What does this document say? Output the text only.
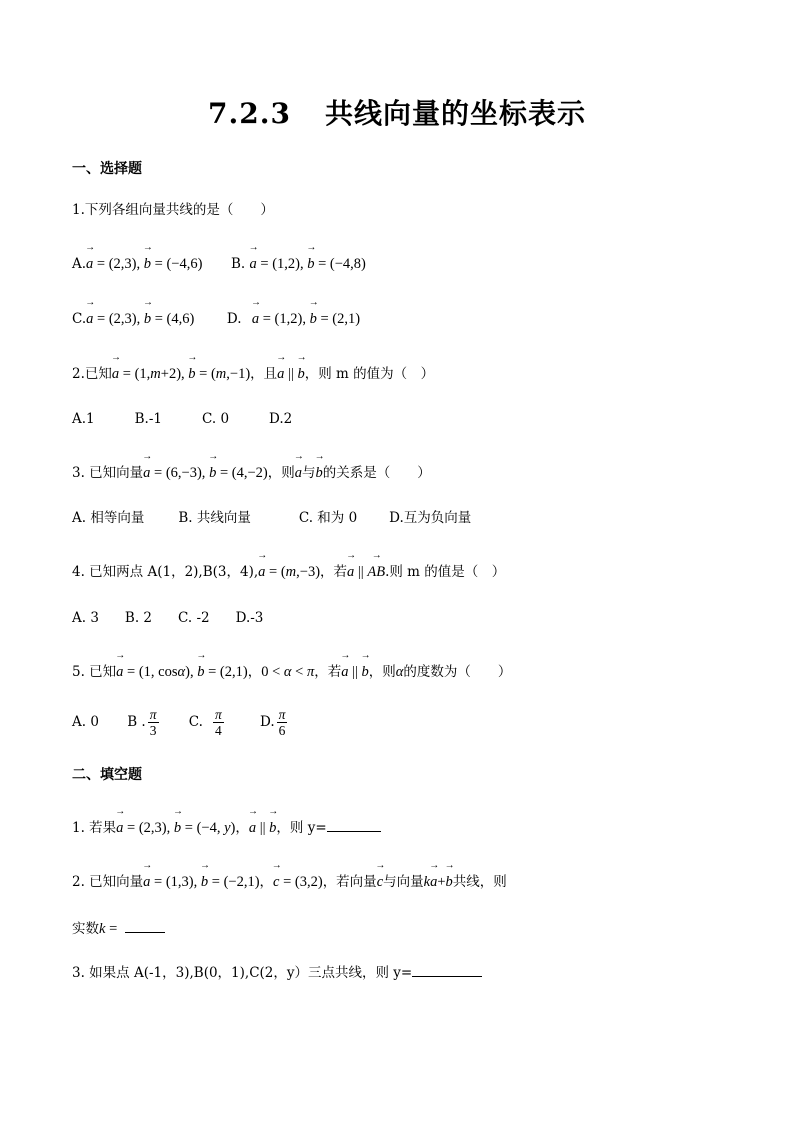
7.2.3 共线向量的坐标表示
一、选择题
1.下列各组向量共线的是（　　）
A.→ a = (2,3), → b = (−4,6) B. → a = (1,2), → b = (−4,8)
C.→ a = (2,3), → b = (4,6) D. → a = (1,2), → b = (2,1)
2.已知→ a = (1,m+2), → b = (m,−1)，且→ a || → b，则 m 的值为（　）
A.1	B.-1	C. 0	D.2
3. 已知向量→ a = (6,−3), → b = (4,−2)，则→ a与→ b的关系是（　　）
A. 相等向量	B. 共线向量	C. 和为 0 D.互为负向量
4. 已知两点 A(1，2),B(3，4),→ a = (m,−3)，若→ a || → AB.则 m 的值是（　）
A. 3 B. 2 C. -2 D.-3
5. 已知→ a = (1, cosα), → b = (2,1)，0 < α < π，若→ a || → b，则α的度数为（　　）
A. 0 B . $\frac{\pi}{3} C$. $\frac{\pi}{4}$	D. $\frac{\pi}{6}$
二、填空题
1. 若果→ a = (2,3), → b = (−4, y)，→ a || → b，则 y=
2. 已知向量→ a = (1,3), → b = (−2,1)，→ c = (3,2)，若向量→ c与向量k→ a+→ b共线，则
实数k =
3. 如果点 A(-1，3),B(0，1),C(2，y）三点共线，则 y=
